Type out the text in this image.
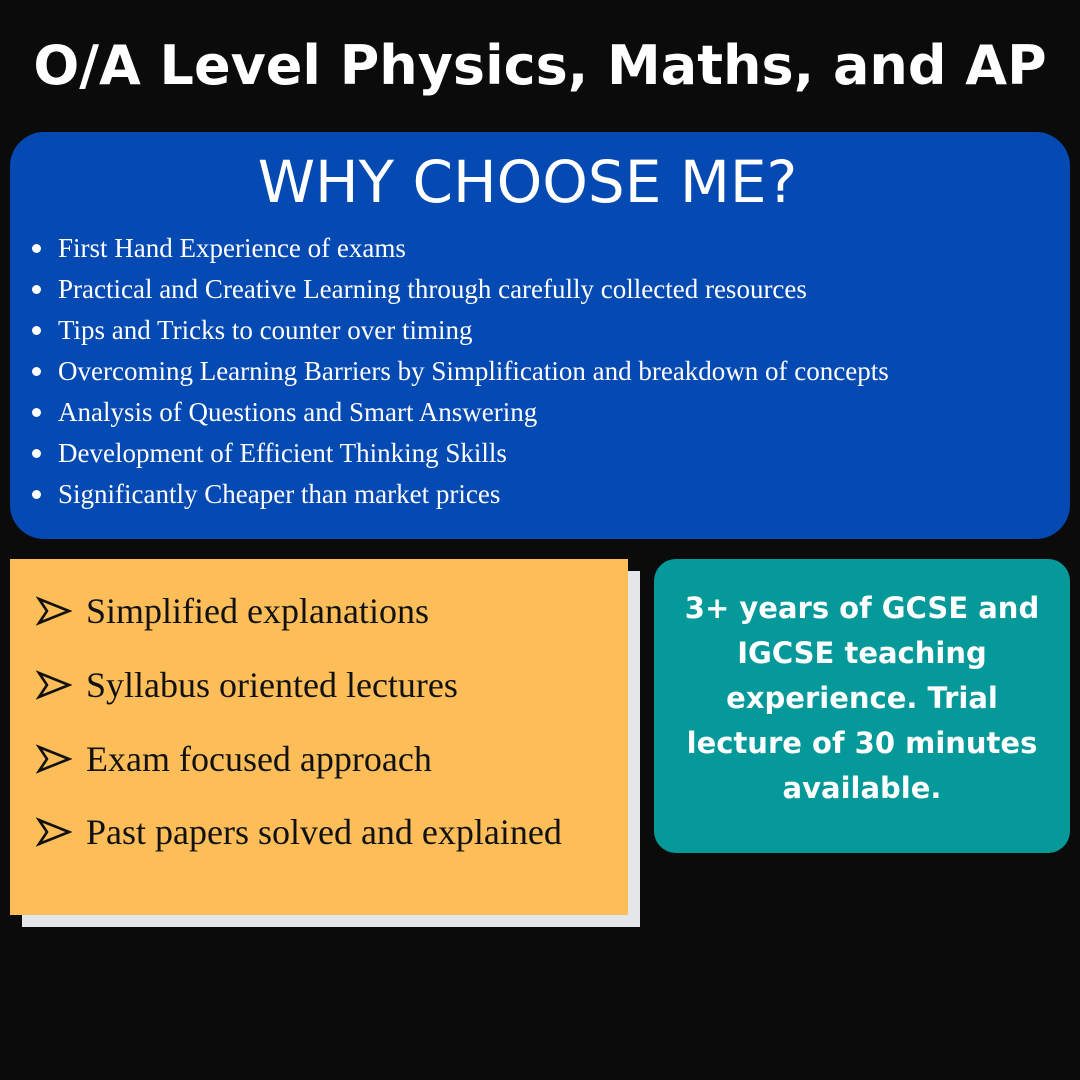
O/A Level Physics, Maths, and AP
WHY CHOOSE ME?
First Hand Experience of exams
Practical and Creative Learning through carefully collected resources
Tips and Tricks to counter over timing
Overcoming Learning Barriers by Simplification and breakdown of concepts
Analysis of Questions and Smart Answering
Development of Efficient Thinking Skills
Significantly Cheaper than market prices
Simplified explanations
Syllabus oriented lectures
Exam focused approach
Past papers solved and explained
3+ years of GCSE and IGCSE teaching experience. Trial lecture of 30 minutes available.
